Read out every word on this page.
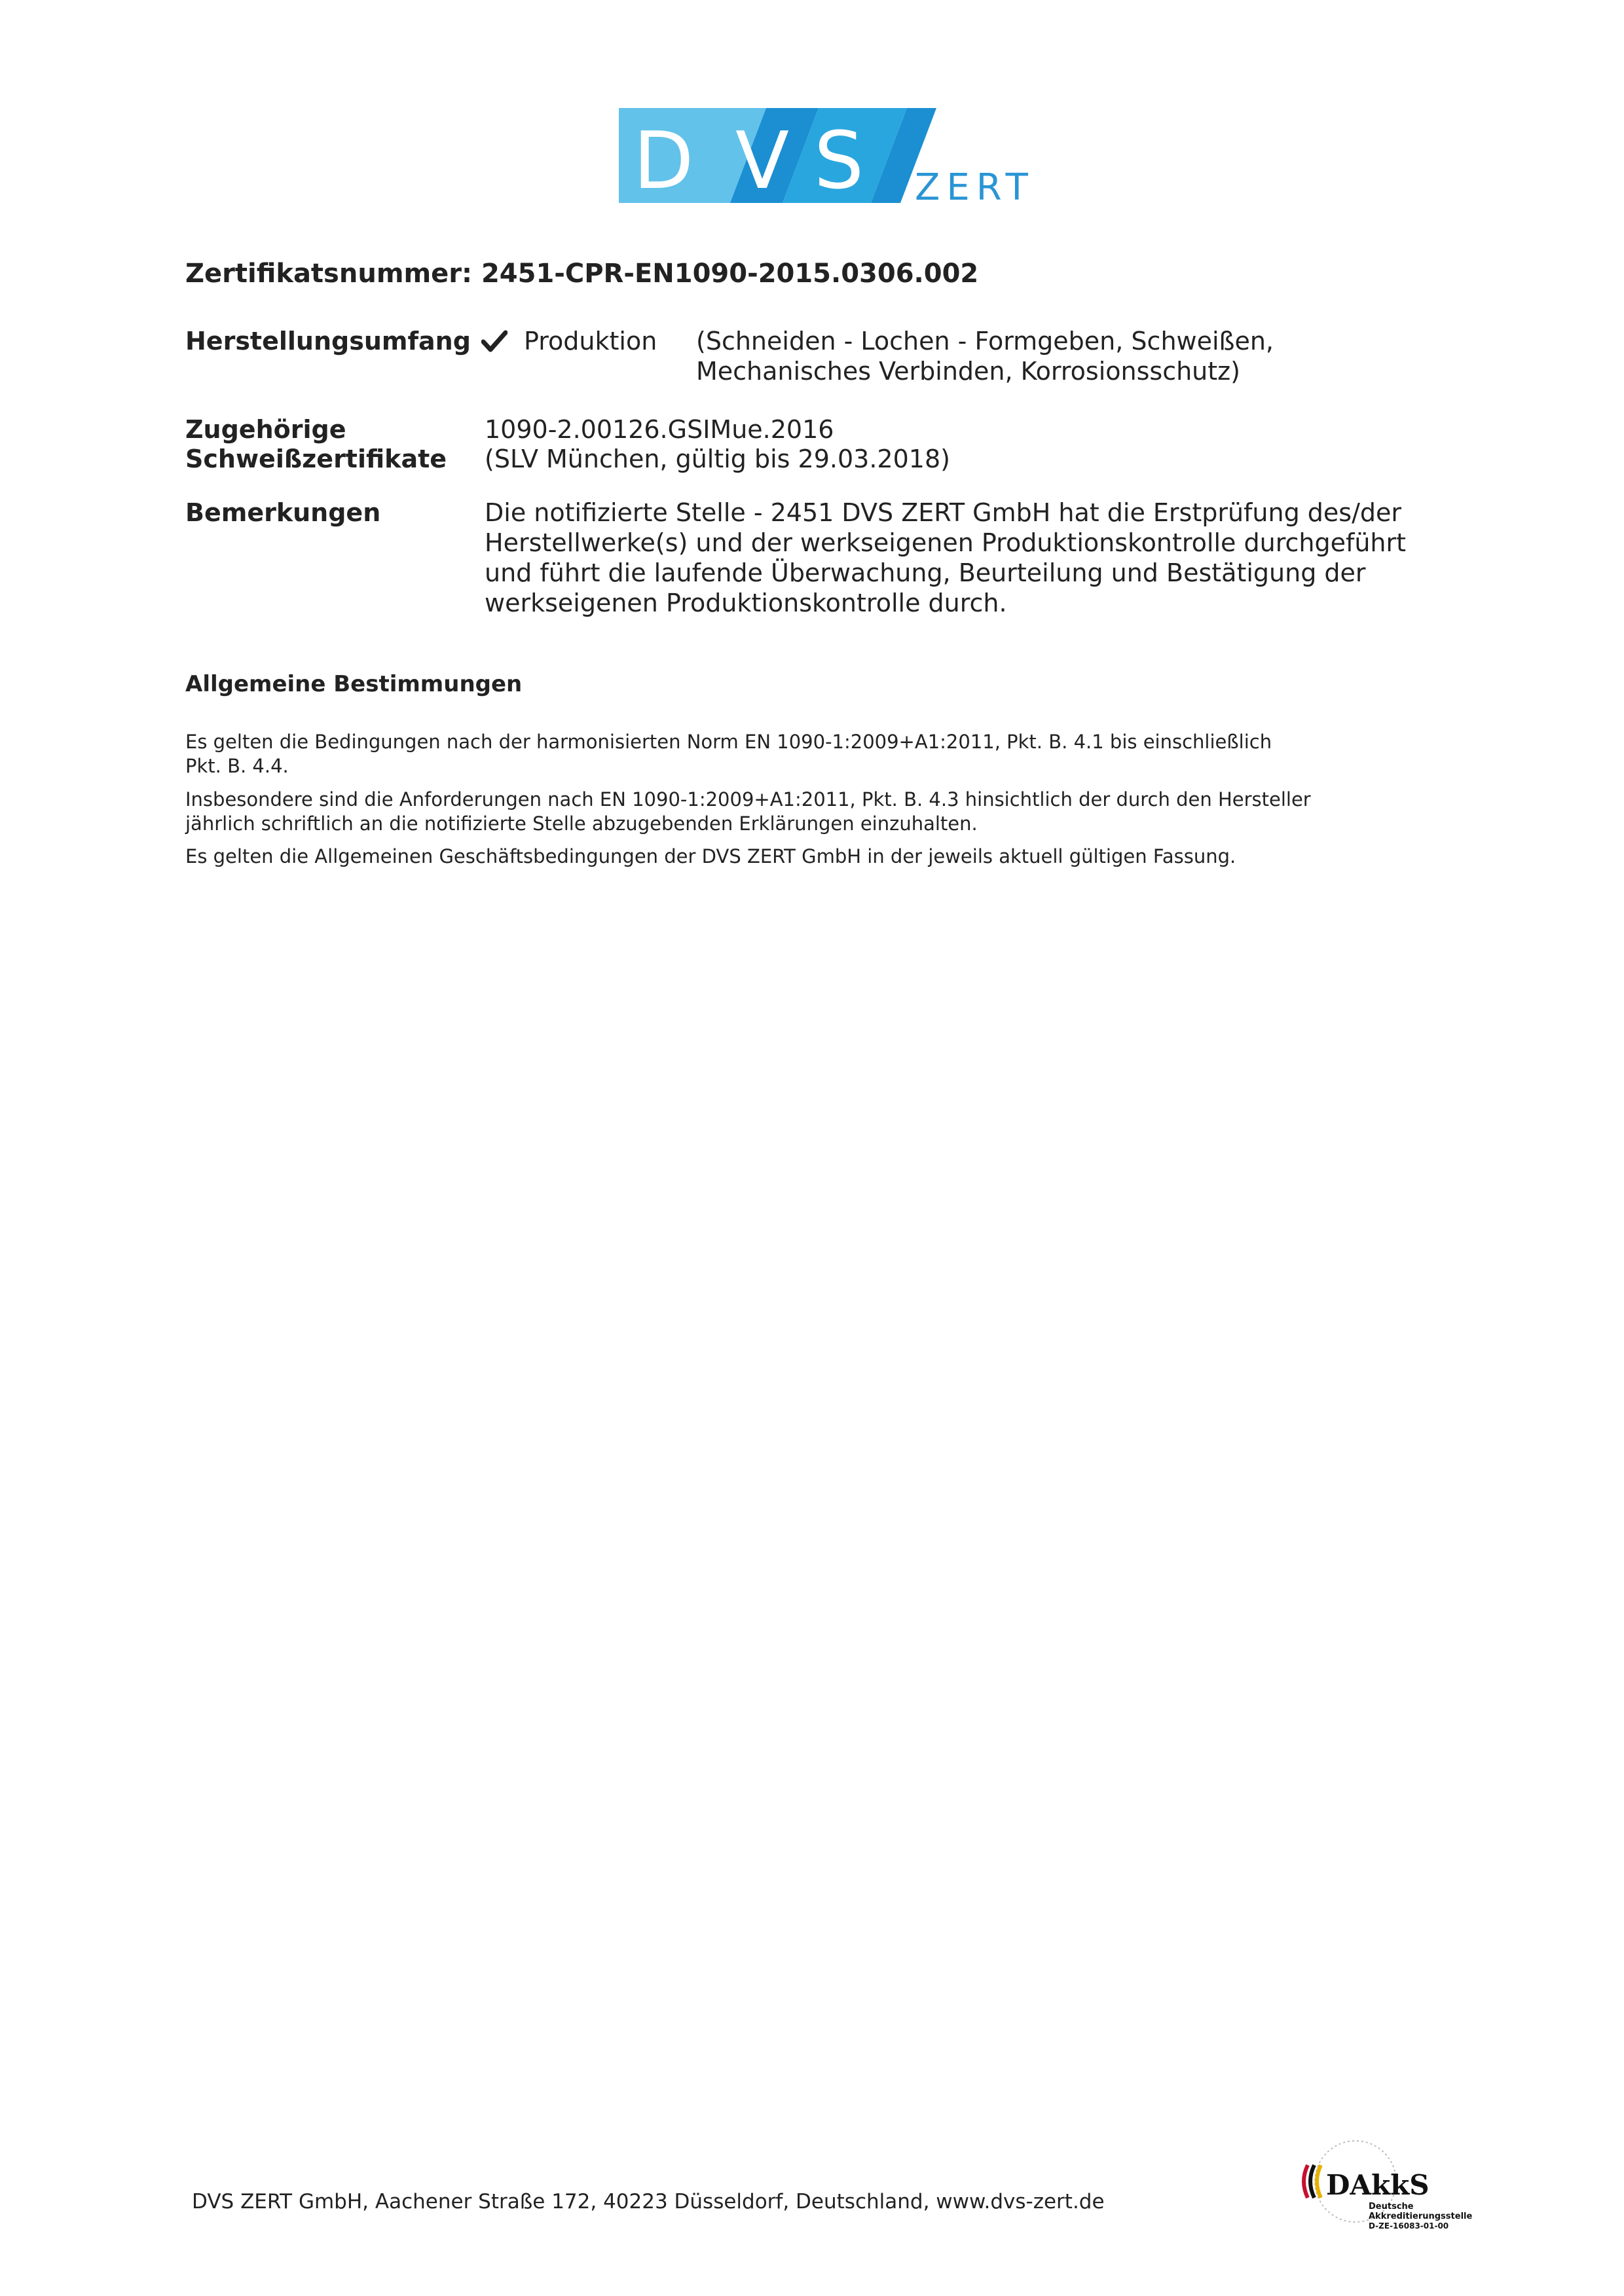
D V S ZERT
Zertifikatsnummer: 2451-CPR-EN1090-2015.0306.002
Herstellungsumfang Produktion (Schneiden - Lochen - Formgeben, Schweißen, Mechanisches Verbinden, Korrosionsschutz)
Zugehörige
Schweißzertifikate
1090-2.00126.GSIMue.2016
(SLV München, gültig bis 29.03.2018)
Bemerkungen	Die notifizierte Stelle - 2451 DVS ZERT GmbH hat die Erstprüfung des/der Herstellwerke(s) und der werkseigenen Produktionskontrolle durchgeführt und führt die laufende Überwachung, Beurteilung und Bestätigung der werkseigenen Produktionskontrolle durch.
Allgemeine Bestimmungen
Es gelten die Bedingungen nach der harmonisierten Norm EN 1090-1:2009+A1:2011, Pkt. B. 4.1 bis einschließlich Pkt. B. 4.4.
Insbesondere sind die Anforderungen nach EN 1090-1:2009+A1:2011, Pkt. B. 4.3 hinsichtlich der durch den Hersteller jährlich schriftlich an die notifizierte Stelle abzugebenden Erklärungen einzuhalten.
Es gelten die Allgemeinen Geschäftsbedingungen der DVS ZERT GmbH in der jeweils aktuell gültigen Fassung.
DVS ZERT GmbH, Aachener Straße 172, 40223 Düsseldorf, Deutschland, www.dvs-zert.de
DAkkS
Deutsche
Akkreditierungsstelle
D-ZE-16083-01-00
